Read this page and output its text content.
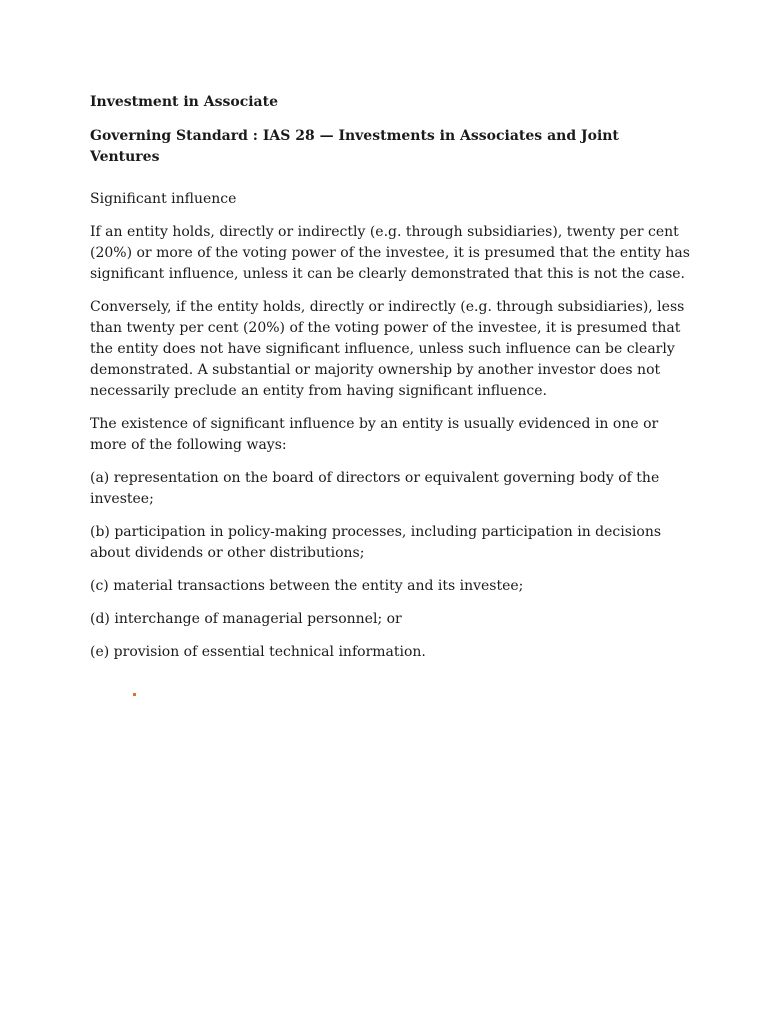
Investment in Associate
Governing Standard : IAS 28 — Investments in Associates and Joint Ventures
Significant influence
If an entity holds, directly or indirectly (e.g. through subsidiaries), twenty per cent (20%) or more of the voting power of the investee, it is presumed that the entity has significant influence, unless it can be clearly demonstrated that this is not the case.
Conversely, if the entity holds, directly or indirectly (e.g. through subsidiaries), less than twenty per cent (20%) of the voting power of the investee, it is presumed that the entity does not have significant influence, unless such influence can be clearly demonstrated. A substantial or majority ownership by another investor does not necessarily preclude an entity from having significant influence.
The existence of significant influence by an entity is usually evidenced in one or more of the following ways:
(a) representation on the board of directors or equivalent governing body of the investee;
(b) participation in policy-making processes, including participation in decisions about dividends or other distributions;
(c) material transactions between the entity and its investee;
(d) interchange of managerial personnel; or
(e) provision of essential technical information.
